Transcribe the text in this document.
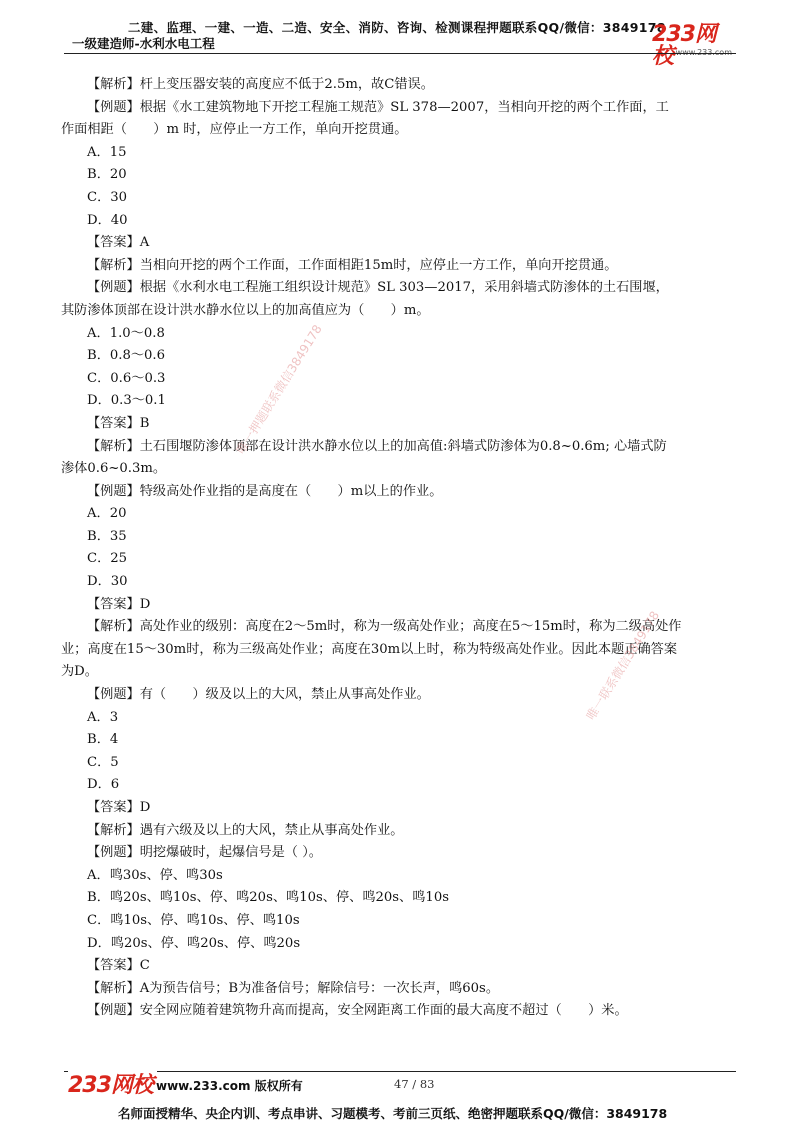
二建、监理、一建、一造、二造、安全、消防、咨询、检测课程押题联系QQ/微信：3849178
一级建造师-水利水电工程	233网校 www.233.com
【解析】杆上变压器安装的高度应不低于2.5m，故C错误。
【例题】根据《水工建筑物地下开挖工程施工规范》SL 378—2007，当相向开挖的两个工作面，工
作面相距（　　）m 时，应停止一方工作，单向开挖贯通。
A．15
B．20
C．30
D．40
【答案】A
【解析】当相向开挖的两个工作面，工作面相距15m时，应停止一方工作，单向开挖贯通。
【例题】根据《水利水电工程施工组织设计规范》SL 303—2017，采用斜墙式防渗体的土石围堰，
其防渗体顶部在设计洪水静水位以上的加高值应为（　　）m。
A．1.0～0.8
B．0.8～0.6
C．0.6～0.3
D．0.3～0.1
【答案】B
【解析】土石围堰防渗体顶部在设计洪水静水位以上的加高值:斜墙式防渗体为0.8~0.6m; 心墙式防
渗体0.6~0.3m。
【例题】特级高处作业指的是高度在（　　）m以上的作业。
A．20
B．35
C．25
D．30
【答案】D
【解析】高处作业的级别：高度在2～5m时，称为一级高处作业；高度在5～15m时，称为二级高处作
业；高度在15～30m时，称为三级高处作业；高度在30m以上时，称为特级高处作业。因此本题正确答案
为D。
【例题】有（　　）级及以上的大风，禁止从事高处作业。
A．3
B．4
C．5
D．6
【答案】D
【解析】遇有六级及以上的大风，禁止从事高处作业。
【例题】明挖爆破时，起爆信号是（ ）。
A．鸣30s、停、鸣30s
B．鸣20s、鸣10s、停、鸣20s、鸣10s、停、鸣20s、鸣10s
C．鸣10s、停、鸣10s、停、鸣10s
D．鸣20s、停、鸣20s、停、鸣20s
【答案】C
【解析】A为预告信号；B为准备信号；解除信号：一次长声，鸣60s。
【例题】安全网应随着建筑物升高而提高，安全网距离工作面的最大高度不超过（　　）米。
唯一押题联系微信3849178
唯一联系微信3849178
233网校 www.233.com 版权所有	47 / 83
名师面授精华、央企内训、考点串讲、习题模考、考前三页纸、绝密押题联系QQ/微信：3849178
